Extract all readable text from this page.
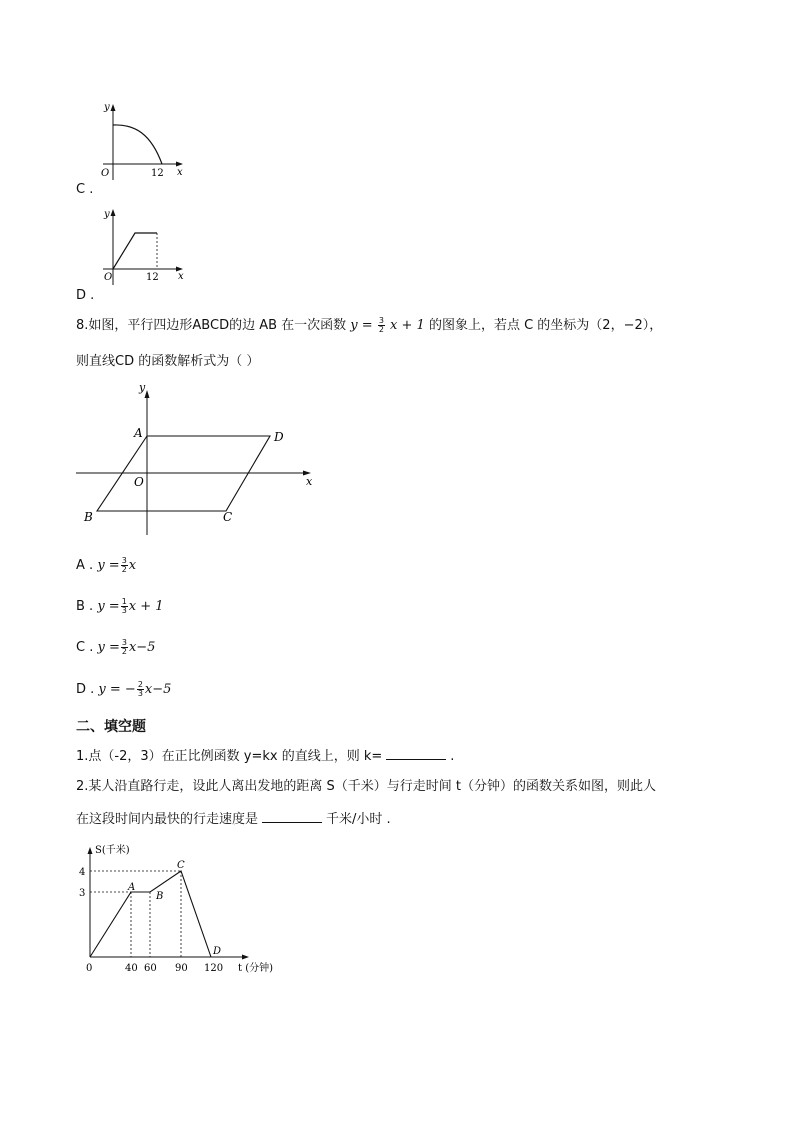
y
x
O	12
C .
y
x
O	12
D .
8.如图，平行四边形ABCD的边 AB 在一次函数 $y = \frac{3}{2}$ x + 1 的图象上，若点 C 的坐标为（2，−2），
则直线CD 的函数解析式为（ ）
y
x
A	D
O
B	C
A . $y = \frac{3}{2}$ x
B . $y = \frac{1}{3}$ x + 1
C . $y = \frac{3}{2} x-5$
D . y = − $\frac{2}{3} x-5$
二、填空题
1.点（-2，3）在正比例函数 y=kx 的直线上，则 k=	.
2.某人沿直路行走，设此人离出发地的距离 S（千米）与行走时间 t（分钟）的函数关系如图，则此人
在这段时间内最快的行走速度是	千米/小时 .
S(千米)
t (分钟)
4
3
0	40 60 90 120
A
B
C
D
